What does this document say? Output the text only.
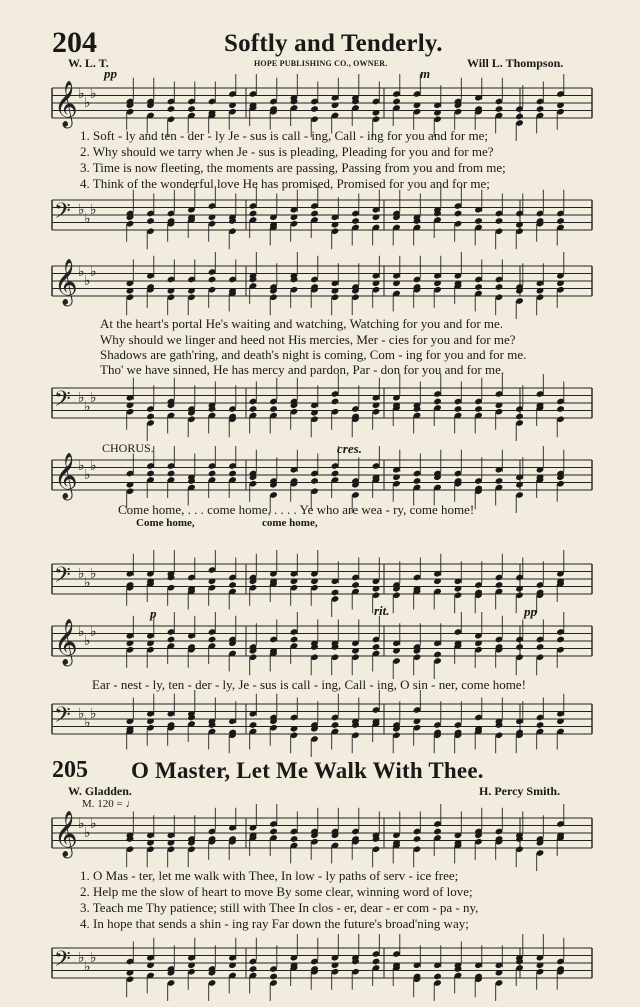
204	Softly and Tenderly.
W. L. T.	HOPE PUBLISHING CO., OWNER.	Will L. Thompson.
pp	m
𝄞 ♭
♭
♭
1. Soft - ly and ten - der - ly Je - sus is call - ing, Call - ing for you and for me;
2. Why should we tarry when Je - sus is pleading, Pleading for you and for me?
3. Time is now fleeting, the moments are passing, Passing from you and from me;
4. Think of the wonderful love He has promised, Promised for you and for me;
𝄢 ♭
♭
♭
𝄞 ♭
♭
♭
At the heart's portal He's waiting and watching, Watching for you and for me.
Why should we linger and heed not His mercies, Mer - cies for you and for me?
Shadows are gath'ring, and death's night is coming, Com - ing for you and for me.
Tho' we have sinned, He has mercy and pardon, Par - don for you and for me.
𝄢 ♭
♭
♭
CHORUS.	cres.
𝄞 ♭
♭
♭
Come home, . . . come home, . . . . Ye who are wea - ry, come home!
Come home,	come home,
𝄢 ♭
♭
♭
p	rit.	pp
𝄞 ♭
♭
♭
Ear - nest - ly, ten - der - ly, Je - sus is call - ing, Call - ing, O sin - ner, come home!
𝄢 ♭
♭
♭
205 O Master, Let Me Walk With Thee.
W. Gladden.	H. Percy Smith.
M. 120 = ♩
𝄞 ♭
♭
♭
1. O Mas - ter, let me walk with Thee, In low - ly paths of serv - ice free;
2. Help me the slow of heart to move By some clear, winning word of love;
3. Teach me Thy patience; still with Thee In clos - er, dear - er com - pa - ny,
4. In hope that sends a shin - ing ray Far down the future's broad'ning way;
𝄢 ♭
♭
♭
